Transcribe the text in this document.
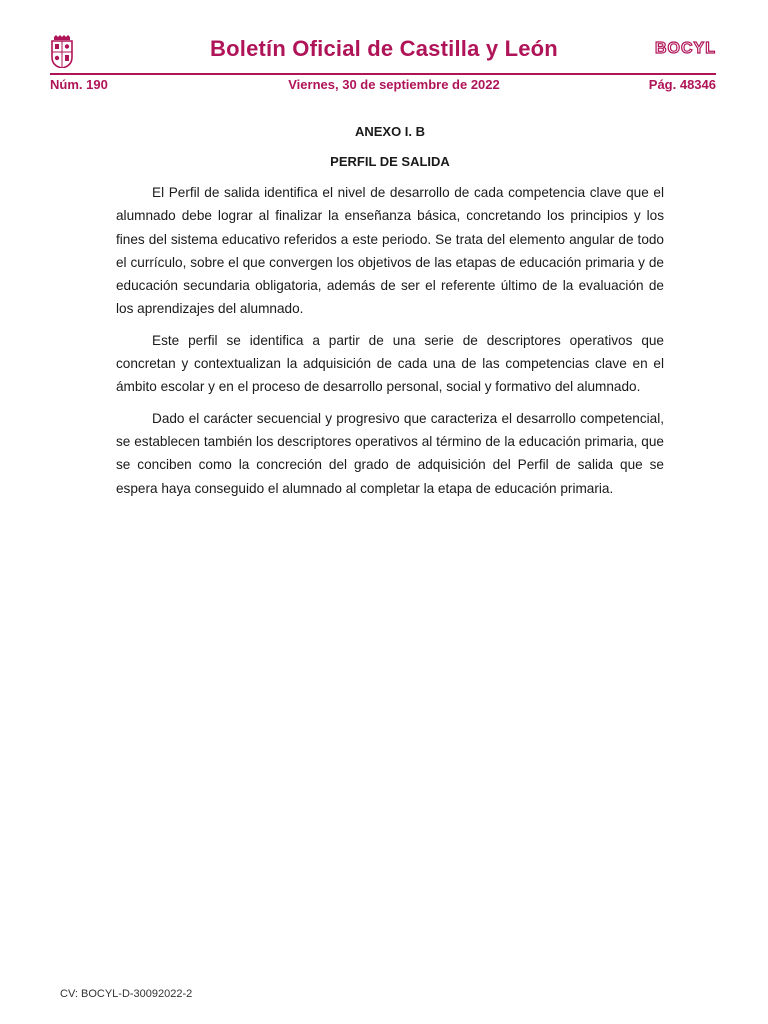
Boletín Oficial de Castilla y León	BOCYL
Núm. 190	Viernes, 30 de septiembre de 2022	Pág. 48346
ANEXO I. B
PERFIL DE SALIDA

El Perfil de salida identifica el nivel de desarrollo de cada competencia clave que el alumnado debe lograr al finalizar la enseñanza básica, concretando los principios y los fines del sistema educativo referidos a este periodo. Se trata del elemento angular de todo el currículo, sobre el que convergen los objetivos de las etapas de educación primaria y de educación secundaria obligatoria, además de ser el referente último de la evaluación de los aprendizajes del alumnado.

Este perfil se identifica a partir de una serie de descriptores operativos que concretan y contextualizan la adquisición de cada una de las competencias clave en el ámbito escolar y en el proceso de desarrollo personal, social y formativo del alumnado.

Dado el carácter secuencial y progresivo que caracteriza el desarrollo competencial, se establecen también los descriptores operativos al término de la educación primaria, que se conciben como la concreción del grado de adquisición del Perfil de salida que se espera haya conseguido el alumnado al completar la etapa de educación primaria.

CV: BOCYL-D-30092022-2
